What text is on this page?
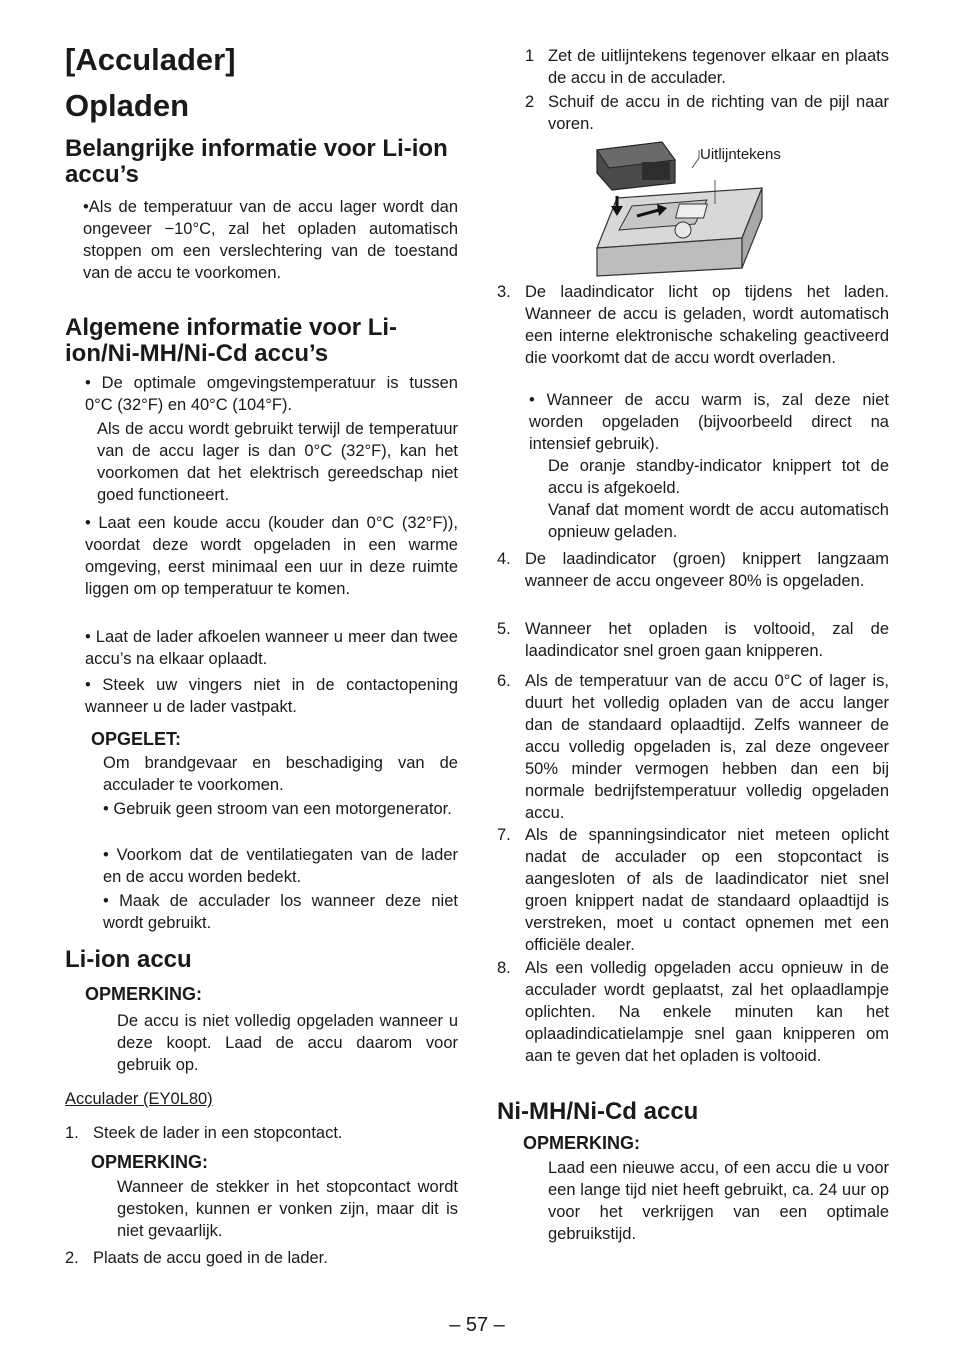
[Acculader]
Opladen
Belangrijke informatie voor Li-ion accu’s
•Als de temperatuur van de accu lager wordt dan ongeveer −10°C, zal het opladen automatisch stoppen om een verslechtering van de toestand van de accu te voorkomen.
Algemene informatie voor Li-ion/Ni-MH/Ni-Cd accu’s
• De optimale omgevingstemperatuur is tussen 0°C (32°F) en 40°C (104°F).
Als de accu wordt gebruikt terwijl de temperatuur van de accu lager is dan 0°C (32°F), kan het voorkomen dat het elektrisch gereedschap niet goed functioneert.
• Laat een koude accu (kouder dan 0°C (32°F)), voordat deze wordt opgeladen in een warme omgeving, eerst minimaal een uur in deze ruimte liggen om op temperatuur te komen.
• Laat de lader afkoelen wanneer u meer dan twee accu’s na elkaar oplaadt.
• Steek uw vingers niet in de contactopening wanneer u de lader vastpakt.
OPGELET:
Om brandgevaar en beschadiging van de acculader te voorkomen.
• Gebruik geen stroom van een motorgenerator.
• Voorkom dat de ventilatiegaten van de lader en de accu worden bedekt.
• Maak de acculader los wanneer deze niet wordt gebruikt.
Li-ion accu
OPMERKING:
De accu is niet volledig opgeladen wanneer u deze koopt. Laad de accu daarom voor gebruik op.
Acculader (EY0L80)
1. Steek de lader in een stopcontact.
OPMERKING:
Wanneer de stekker in het stopcontact wordt gestoken, kunnen er vonken zijn, maar dit is niet gevaarlijk.
2. Plaats de accu goed in de lader.
1 Zet de uitlijntekens tegenover elkaar en plaats de accu in de acculader.
2 Schuif de accu in de richting van de pijl naar voren.
Uitlijntekens
3. De laadindicator licht op tijdens het laden. Wanneer de accu is geladen, wordt automatisch een interne elektronische schakeling geactiveerd die voorkomt dat de accu wordt overladen.
• Wanneer de accu warm is, zal deze niet worden opgeladen (bijvoorbeeld direct na intensief gebruik).
De oranje standby-indicator knippert tot de accu is afgekoeld.
Vanaf dat moment wordt de accu automatisch opnieuw geladen.
4. De laadindicator (groen) knippert langzaam wanneer de accu ongeveer 80% is opgeladen.
5. Wanneer het opladen is voltooid, zal de laadindicator snel groen gaan knipperen.
6. Als de temperatuur van de accu 0°C of lager is, duurt het volledig opladen van de accu langer dan de standaard oplaadtijd. Zelfs wanneer de accu volledig opgeladen is, zal deze ongeveer 50% minder vermogen hebben dan een bij normale bedrijfstemperatuur volledig opgeladen accu.
7. Als de spanningsindicator niet meteen oplicht nadat de acculader op een stopcontact is aangesloten of als de laadindicator niet snel groen knippert nadat de standaard oplaadtijd is verstreken, moet u contact opnemen met een officiële dealer.
8. Als een volledig opgeladen accu opnieuw in de acculader wordt geplaatst, zal het oplaadlampje oplichten. Na enkele minuten kan het oplaadindicatielampje snel gaan knipperen om aan te geven dat het opladen is voltooid.
Ni-MH/Ni-Cd accu
OPMERKING:
Laad een nieuwe accu, of een accu die u voor een lange tijd niet heeft gebruikt, ca. 24 uur op voor het verkrijgen van een optimale gebruikstijd.
– 57 –
